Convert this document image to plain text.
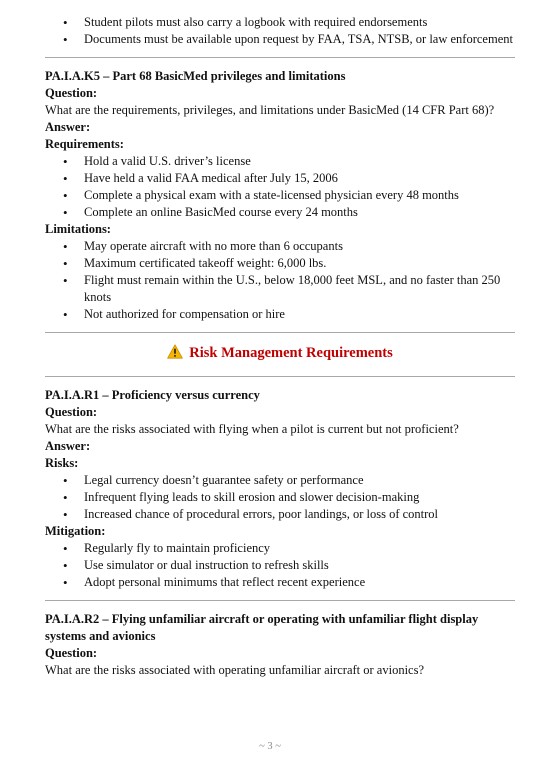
• Student pilots must also carry a logbook with required endorsements
• Documents must be available upon request by FAA, TSA, NTSB, or law enforcement
PA.I.A.K5 – Part 68 BasicMed privileges and limitations
Question:

What are the requirements, privileges, and limitations under BasicMed (14 CFR Part 68)?

Answer:
Requirements:
• Hold a valid U.S. driver’s license
• Have held a valid FAA medical after July 15, 2006
• Complete a physical exam with a state-licensed physician every 48 months
• Complete an online BasicMed course every 24 months
Limitations:
• May operate aircraft with no more than 6 occupants
• Maximum certificated takeoff weight: 6,000 lbs.
• Flight must remain within the U.S., below 18,000 feet MSL, and no faster than 250 knots
• Not authorized for compensation or hire
Risk Management Requirements
PA.I.A.R1 – Proficiency versus currency
Question:

What are the risks associated with flying when a pilot is current but not proficient?

Answer:
Risks:
• Legal currency doesn’t guarantee safety or performance
• Infrequent flying leads to skill erosion and slower decision-making
• Increased chance of procedural errors, poor landings, or loss of control
Mitigation:
• Regularly fly to maintain proficiency
• Use simulator or dual instruction to refresh skills
• Adopt personal minimums that reflect recent experience
PA.I.A.R2 – Flying unfamiliar aircraft or operating with unfamiliar flight display systems and avionics
Question:

What are the risks associated with operating unfamiliar aircraft or avionics?

~ 3 ~
